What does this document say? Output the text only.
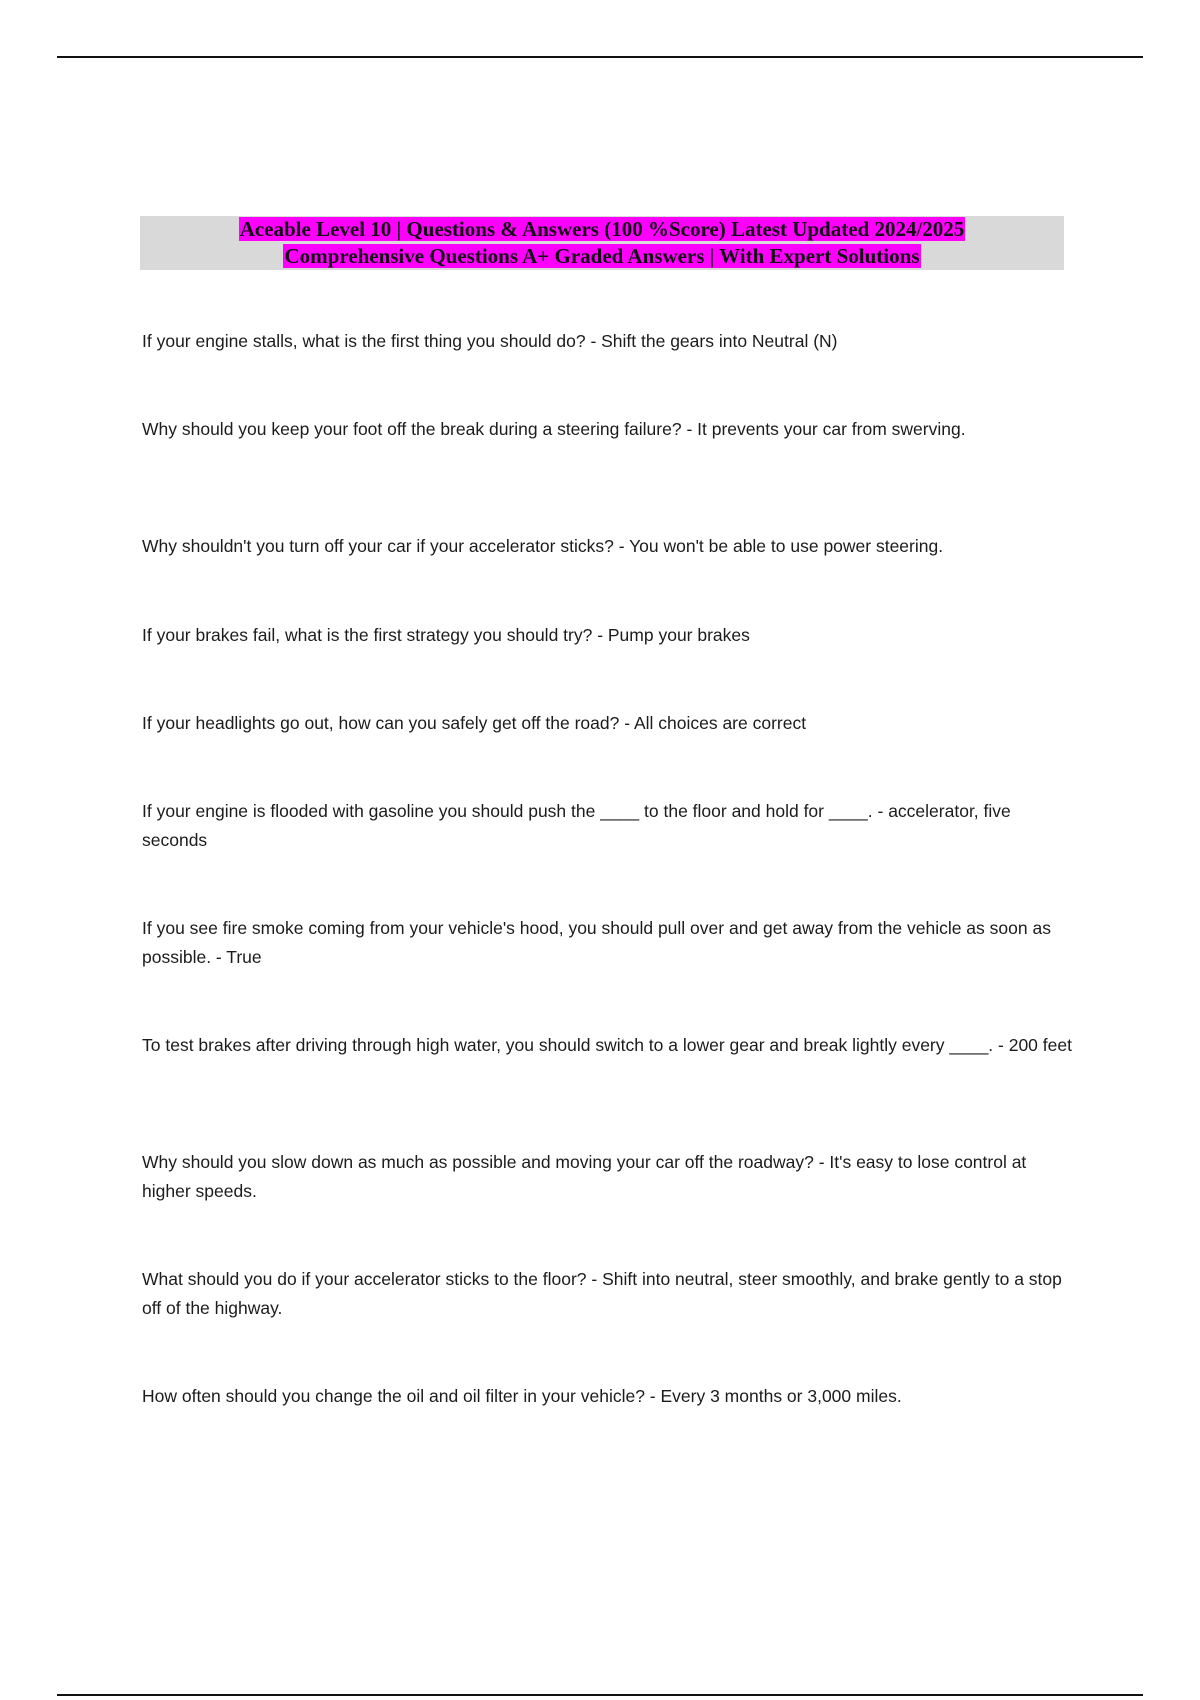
Aceable Level 10 | Questions & Answers (100 %Score) Latest Updated 2024/2025
Comprehensive Questions A+ Graded Answers | With Expert Solutions

If your engine stalls, what is the first thing you should do? - Shift the gears into Neutral (N)

Why should you keep your foot off the break during a steering failure? - It prevents your car from swerving.

Why shouldn't you turn off your car if your accelerator sticks? - You won't be able to use power steering.

If your brakes fail, what is the first strategy you should try? - Pump your brakes

If your headlights go out, how can you safely get off the road? - All choices are correct

If your engine is flooded with gasoline you should push the ____ to the floor and hold for ____. - accelerator, five seconds

If you see fire smoke coming from your vehicle's hood, you should pull over and get away from the vehicle as soon as possible. - True

To test brakes after driving through high water, you should switch to a lower gear and break lightly every ____. - 200 feet

Why should you slow down as much as possible and moving your car off the roadway? - It's easy to lose control at higher speeds.

What should you do if your accelerator sticks to the floor? - Shift into neutral, steer smoothly, and brake gently to a stop off of the highway.

How often should you change the oil and oil filter in your vehicle? - Every 3 months or 3,000 miles.
